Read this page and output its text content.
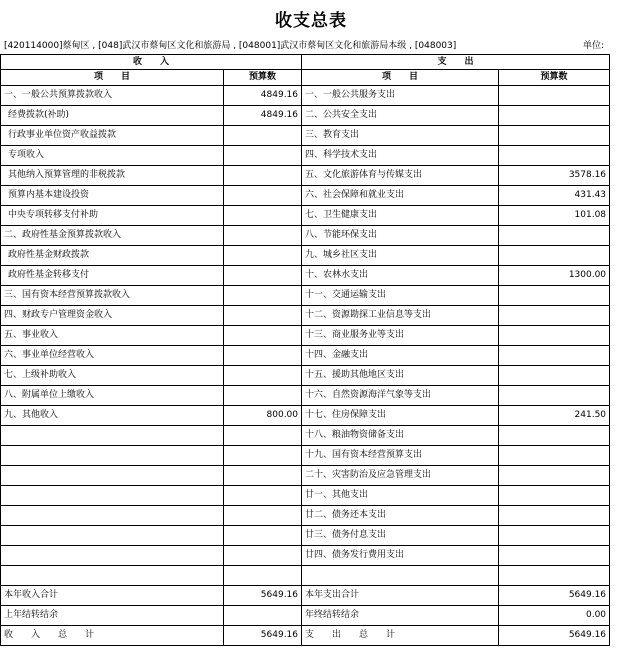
收支总表
[420114000]蔡甸区 , [048]武汉市蔡甸区文化和旅游局 , [048001]武汉市蔡甸区文化和旅游局本级 , [048003]	单位:
收　　入		支　　出	
项　　目	预算数	项　　目	预算数
一、一般公共预算拨款收入	4849.16	一、一般公共服务支出	
经费拨款(补助)	4849.16	二、公共安全支出	
行政事业单位资产收益拨款		三、教育支出	
专项收入		四、科学技术支出	
其他纳入预算管理的非税拨款		五、文化旅游体育与传媒支出	3578.16
预算内基本建设投资		六、社会保障和就业支出	431.43
中央专项转移支付补助		七、卫生健康支出	101.08
二、政府性基金预算拨款收入		八、节能环保支出	
政府性基金财政拨款		九、城乡社区支出	
政府性基金转移支付		十、农林水支出	1300.00
三、国有资本经营预算拨款收入		十一、交通运输支出	
四、财政专户管理资金收入		十二、资源勘探工业信息等支出	
五、事业收入		十三、商业服务业等支出	
六、事业单位经营收入		十四、金融支出	
七、上级补助收入		十五、援助其他地区支出	
八、附属单位上缴收入		十六、自然资源海洋气象等支出	
九、其他收入	800.00	十七、住房保障支出	241.50
		十八、粮油物资储备支出	
		十九、国有资本经营预算支出	
		二十、灾害防治及应急管理支出	
		廿一、其他支出	
		廿二、债务还本支出	
		廿三、债务付息支出	
		廿四、债务发行费用支出	

本年收入合计	5649.16	本年支出合计	5649.16
上年结转结余		年终结转结余	0.00
收　　入　　总　　计	5649.16	支　　出　　总　　计	5649.16
